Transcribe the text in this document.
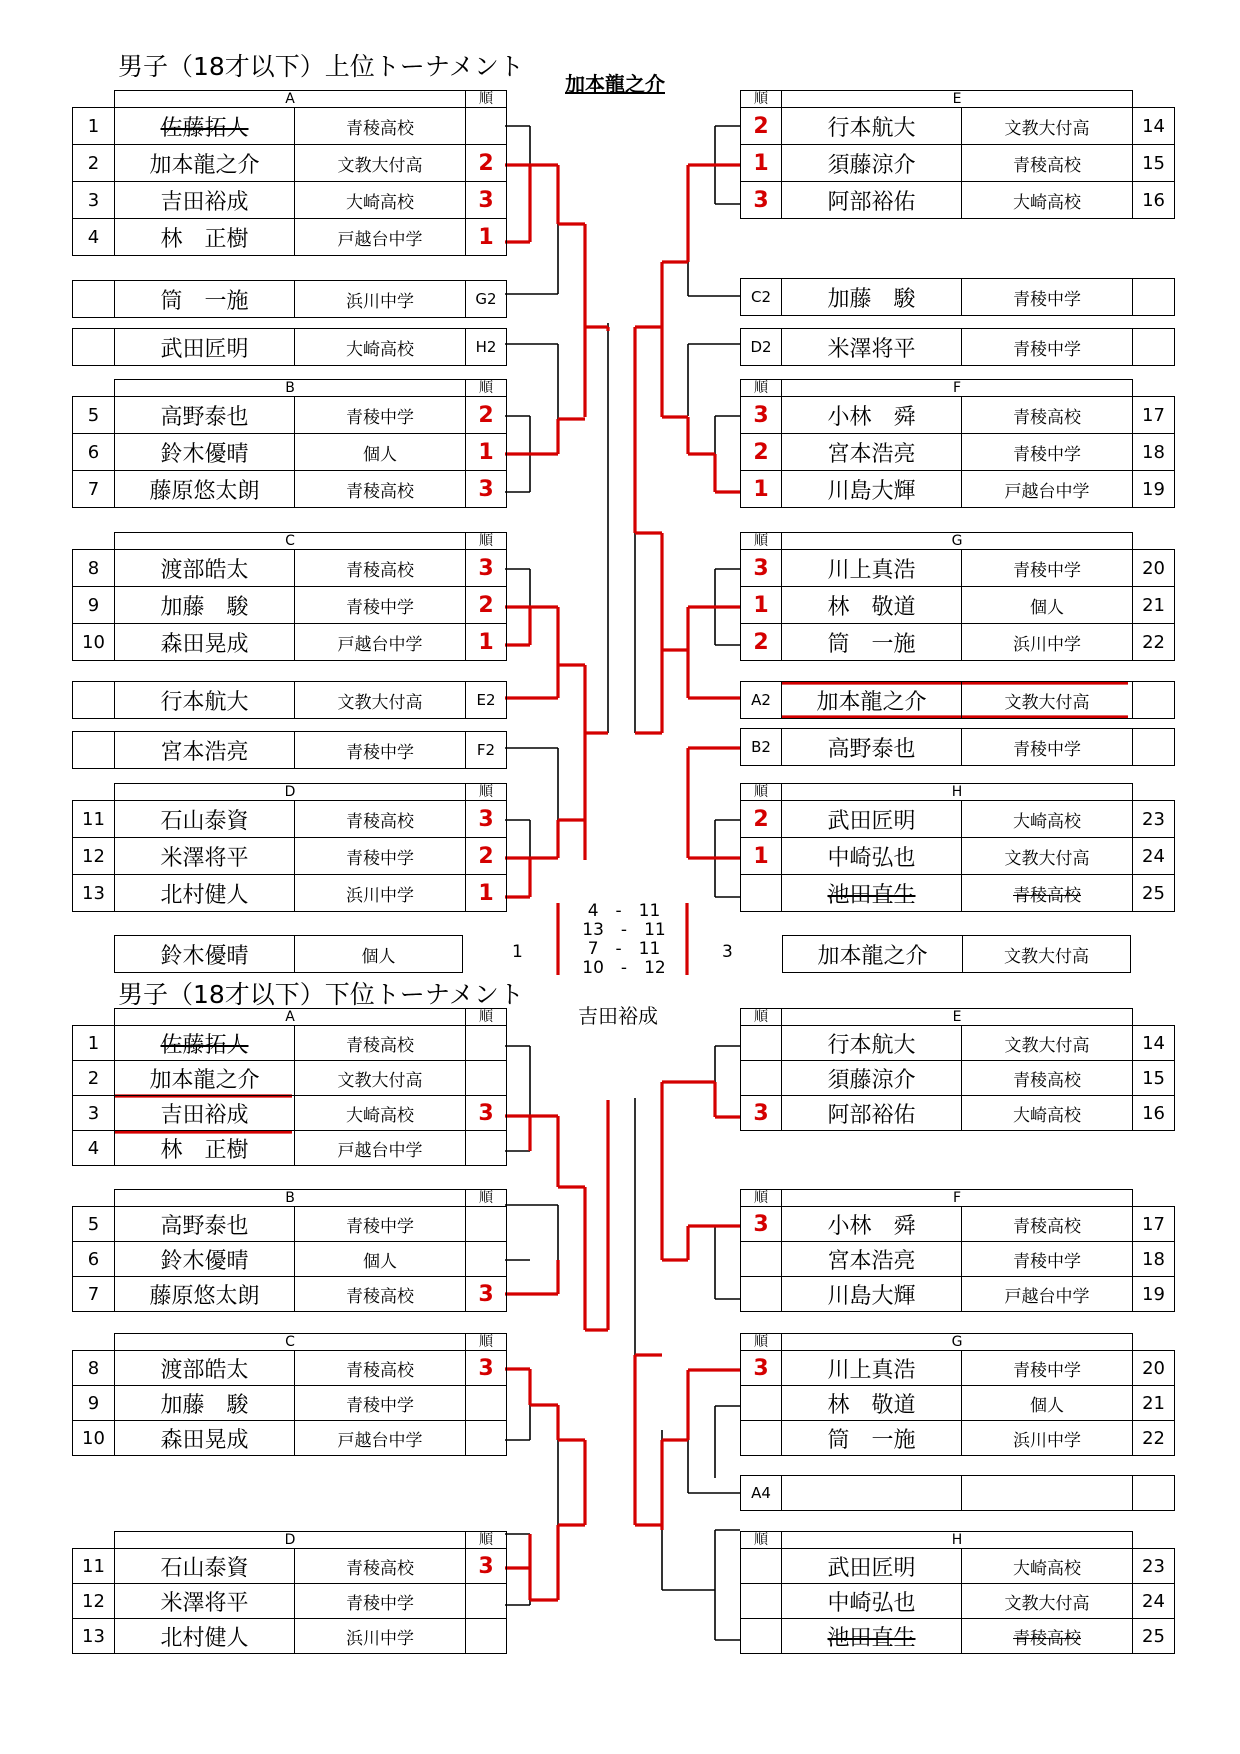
男子（18才以下）上位トーナメント
加本龍之介
男子（18才以下）下位トーナメント
吉田裕成
	A		順
1	佐藤拓人	青稜高校	
2	加本龍之介	文教大付高	2
3	吉田裕成	大崎高校	3
4	林　正樹	戸越台中学	1
	筒　一施	浜川中学	G2
	武田匠明	大崎高校	H2
	B		順
5	高野泰也	青稜中学	2
6	鈴木優晴	個人	1
7	藤原悠太朗	青稜高校	3
	C		順
8	渡部皓太	青稜高校	3
9	加藤　駿	青稜中学	2
10	森田晃成	戸越台中学	1
	行本航大	文教大付高	E2
	宮本浩亮	青稜中学	F2
	D		順
11	石山泰資	青稜高校	3
12	米澤将平	青稜中学	2
13	北村健人	浜川中学	1
鈴木優晴	個人	1	3
4　-　11
13　-　11
7　-　11
10　-　12
順	E		
2	行本航大	文教大付高	14
1	須藤涼介	青稜高校	15
3	阿部裕佑	大崎高校	16
C2	加藤　駿	青稜中学	
D2	米澤将平	青稜中学	
順	F		
3	小林　舜	青稜高校	17
2	宮本浩亮	青稜中学	18
1	川島大輝	戸越台中学	19
順	G		
3	川上真浩	青稜中学	20
1	林　敬道	個人	21
2	筒　一施	浜川中学	22
A2	加本龍之介	文教大付高	
B2	高野泰也	青稜中学	
順	H		
2	武田匠明	大崎高校	23
1	中崎弘也	文教大付高	24
	池田直生	青稜高校	25
加本龍之介	文教大付高
	A		順
1	佐藤拓人	青稜高校	
2	加本龍之介	文教大付高	
3	吉田裕成	大崎高校	3
4	林　正樹	戸越台中学	
	B		順
5	高野泰也	青稜中学	
6	鈴木優晴	個人	
7	藤原悠太朗	青稜高校	3
	C		順
8	渡部皓太	青稜高校	3
9	加藤　駿	青稜中学	
10	森田晃成	戸越台中学	
	D		順
11	石山泰資	青稜高校	3
12	米澤将平	青稜中学	
13	北村健人	浜川中学	
順	E		
	行本航大	文教大付高	14
	須藤涼介	青稜高校	15
3	阿部裕佑	大崎高校	16
順	F		
3	小林　舜	青稜高校	17
	宮本浩亮	青稜中学	18
	川島大輝	戸越台中学	19
順	G		
3	川上真浩	青稜中学	20
	林　敬道	個人	21
	筒　一施	浜川中学	22
A4			
順	H		
	武田匠明	大崎高校	23
	中崎弘也	文教大付高	24
	池田直生	青稜高校	25
